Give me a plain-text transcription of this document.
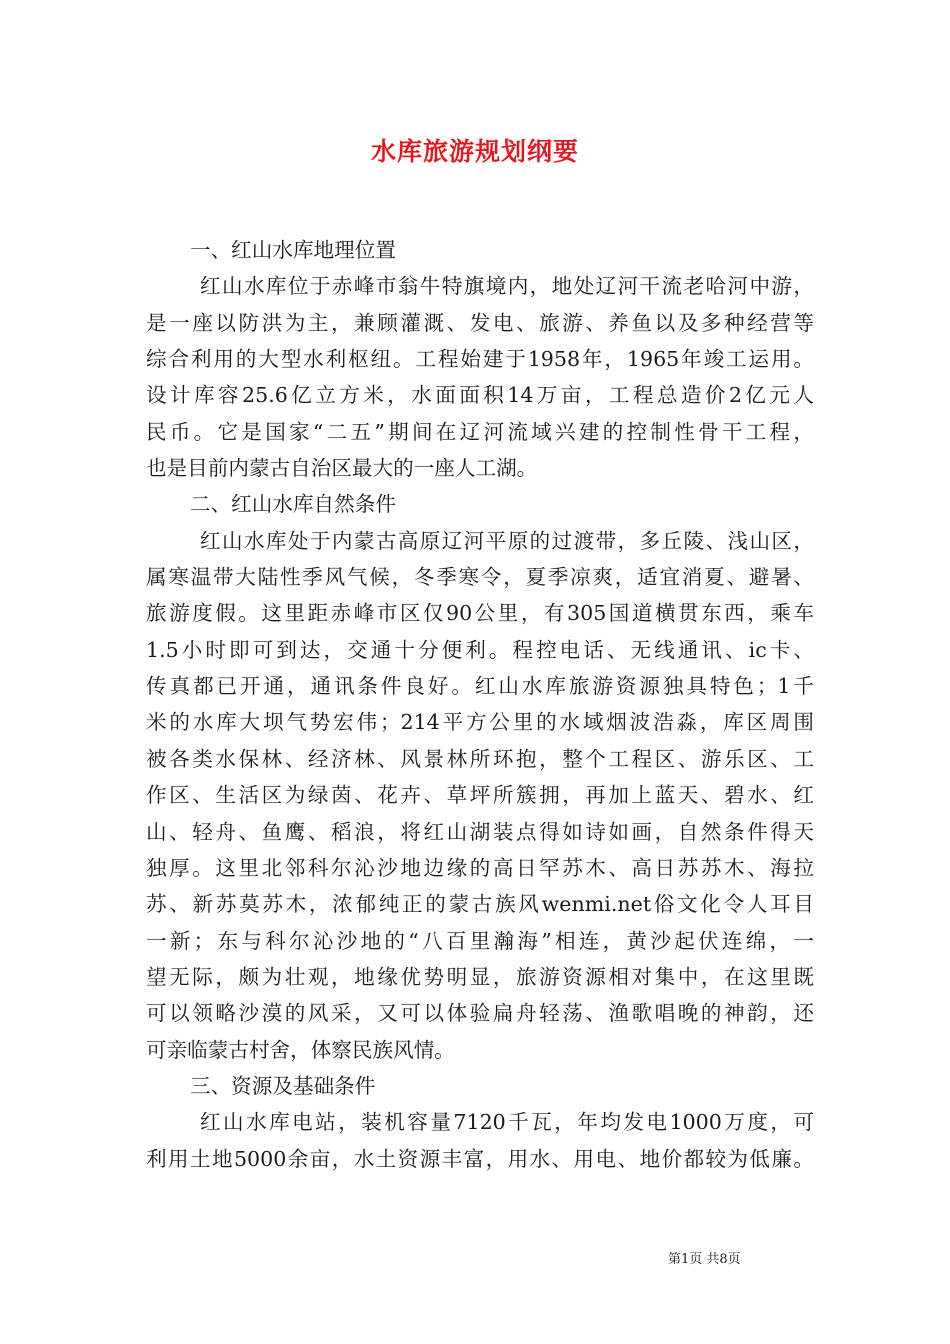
水库旅游规划纲要
一、红山水库地理位置
红山水库位于赤峰市翁牛特旗境内，地处辽河干流老哈河中游，
是一座以防洪为主，兼顾灌溉、发电、旅游、养鱼以及多种经营等
综合利用的大型水利枢纽。工程始建于1958年，1965年竣工运用。
设计库容25.6亿立方米，水面面积14万亩，工程总造价2亿元人
民币。它是国家“二五”期间在辽河流域兴建的控制性骨干工程，
也是目前内蒙古自治区最大的一座人工湖。
二、红山水库自然条件
红山水库处于内蒙古高原辽河平原的过渡带，多丘陵、浅山区，
属寒温带大陆性季风气候，冬季寒令，夏季凉爽，适宜消夏、避暑、
旅游度假。这里距赤峰市区仅90公里，有305国道横贯东西，乘车
1.5小时即可到达，交通十分便利。程控电话、无线通讯、ic卡、
传真都已开通，通讯条件良好。红山水库旅游资源独具特色；1千
米的水库大坝气势宏伟；214平方公里的水域烟波浩淼，库区周围
被各类水保林、经济林、风景林所环抱，整个工程区、游乐区、工
作区、生活区为绿茵、花卉、草坪所簇拥，再加上蓝天、碧水、红
山、轻舟、鱼鹰、稻浪，将红山湖装点得如诗如画，自然条件得天
独厚。这里北邻科尔沁沙地边缘的高日罕苏木、高日苏苏木、海拉
苏、新苏莫苏木，浓郁纯正的蒙古族风wenmi.net俗文化令人耳目
一新；东与科尔沁沙地的“八百里瀚海”相连，黄沙起伏连绵，一
望无际，颇为壮观，地缘优势明显，旅游资源相对集中，在这里既
可以领略沙漠的风采，又可以体验扁舟轻荡、渔歌唱晚的神韵，还
可亲临蒙古村舍，体察民族风情。
三、资源及基础条件
红山水库电站，装机容量7120千瓦，年均发电1000万度，可
利用土地5000余亩，水土资源丰富，用水、用电、地价都较为低廉。
第1页 共8页
